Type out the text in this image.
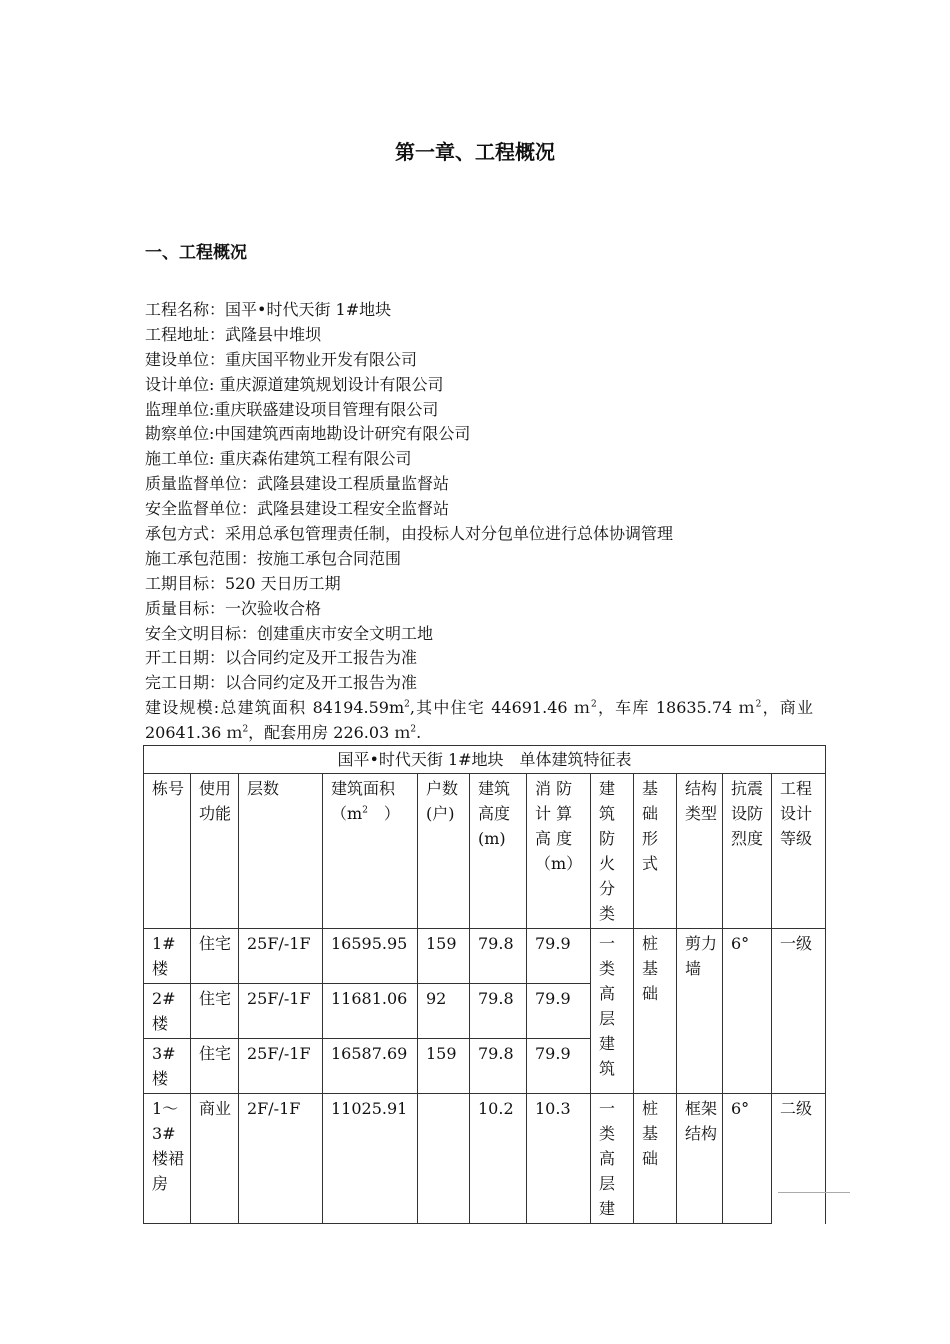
第一章、工程概况
一、工程概况
工程名称：国平•时代天街 1#地块
工程地址：武隆县中堆坝
建设单位：重庆国平物业开发有限公司
设计单位: 重庆源道建筑规划设计有限公司
监理单位:重庆联盛建设项目管理有限公司
勘察单位:中国建筑西南地勘设计研究有限公司
施工单位: 重庆森佑建筑工程有限公司
质量监督单位：武隆县建设工程质量监督站
安全监督单位：武隆县建设工程安全监督站
承包方式：采用总承包管理责任制，由投标人对分包单位进行总体协调管理
施工承包范围：按施工承包合同范围
工期目标：520 天日历工期
质量目标：一次验收合格
安全文明目标：创建重庆市安全文明工地
开工日期：以合同约定及开工报告为准
完工日期：以合同约定及开工报告为准
建设规模:总建筑面积 $84194.59m^2$,其中住宅 44691.46 ｍ$^2$，车库 18635.74 ｍ$^2$，商业 20641.36 ｍ$^2$，配套用房 226.03 ｍ$^2$.
国平•时代天街 1#地块　单体建筑特征表											
栋号	使用功能	层数	建筑面积（$m^2$　）	户数(户)	建筑高度(m)	消 防计 算高 度（m）	建筑防火分类	基础形式	结构类型	抗震设防烈度	工程设计等级
1#楼	住宅	25F/-1F	16595.95	159	79.8	79.9	一类高层建筑	桩基础	剪力墙	6°	一级
2#楼	住宅	25F/-1F	11681.06	92	79.8	79.9					
3#楼	住宅	25F/-1F	16587.69	159	79.8	79.9					
1～3#楼裙房	商业	2F/-1F	11025.91		10.2	10.3	一类高层建	桩基础	框架结构	6°	二级
